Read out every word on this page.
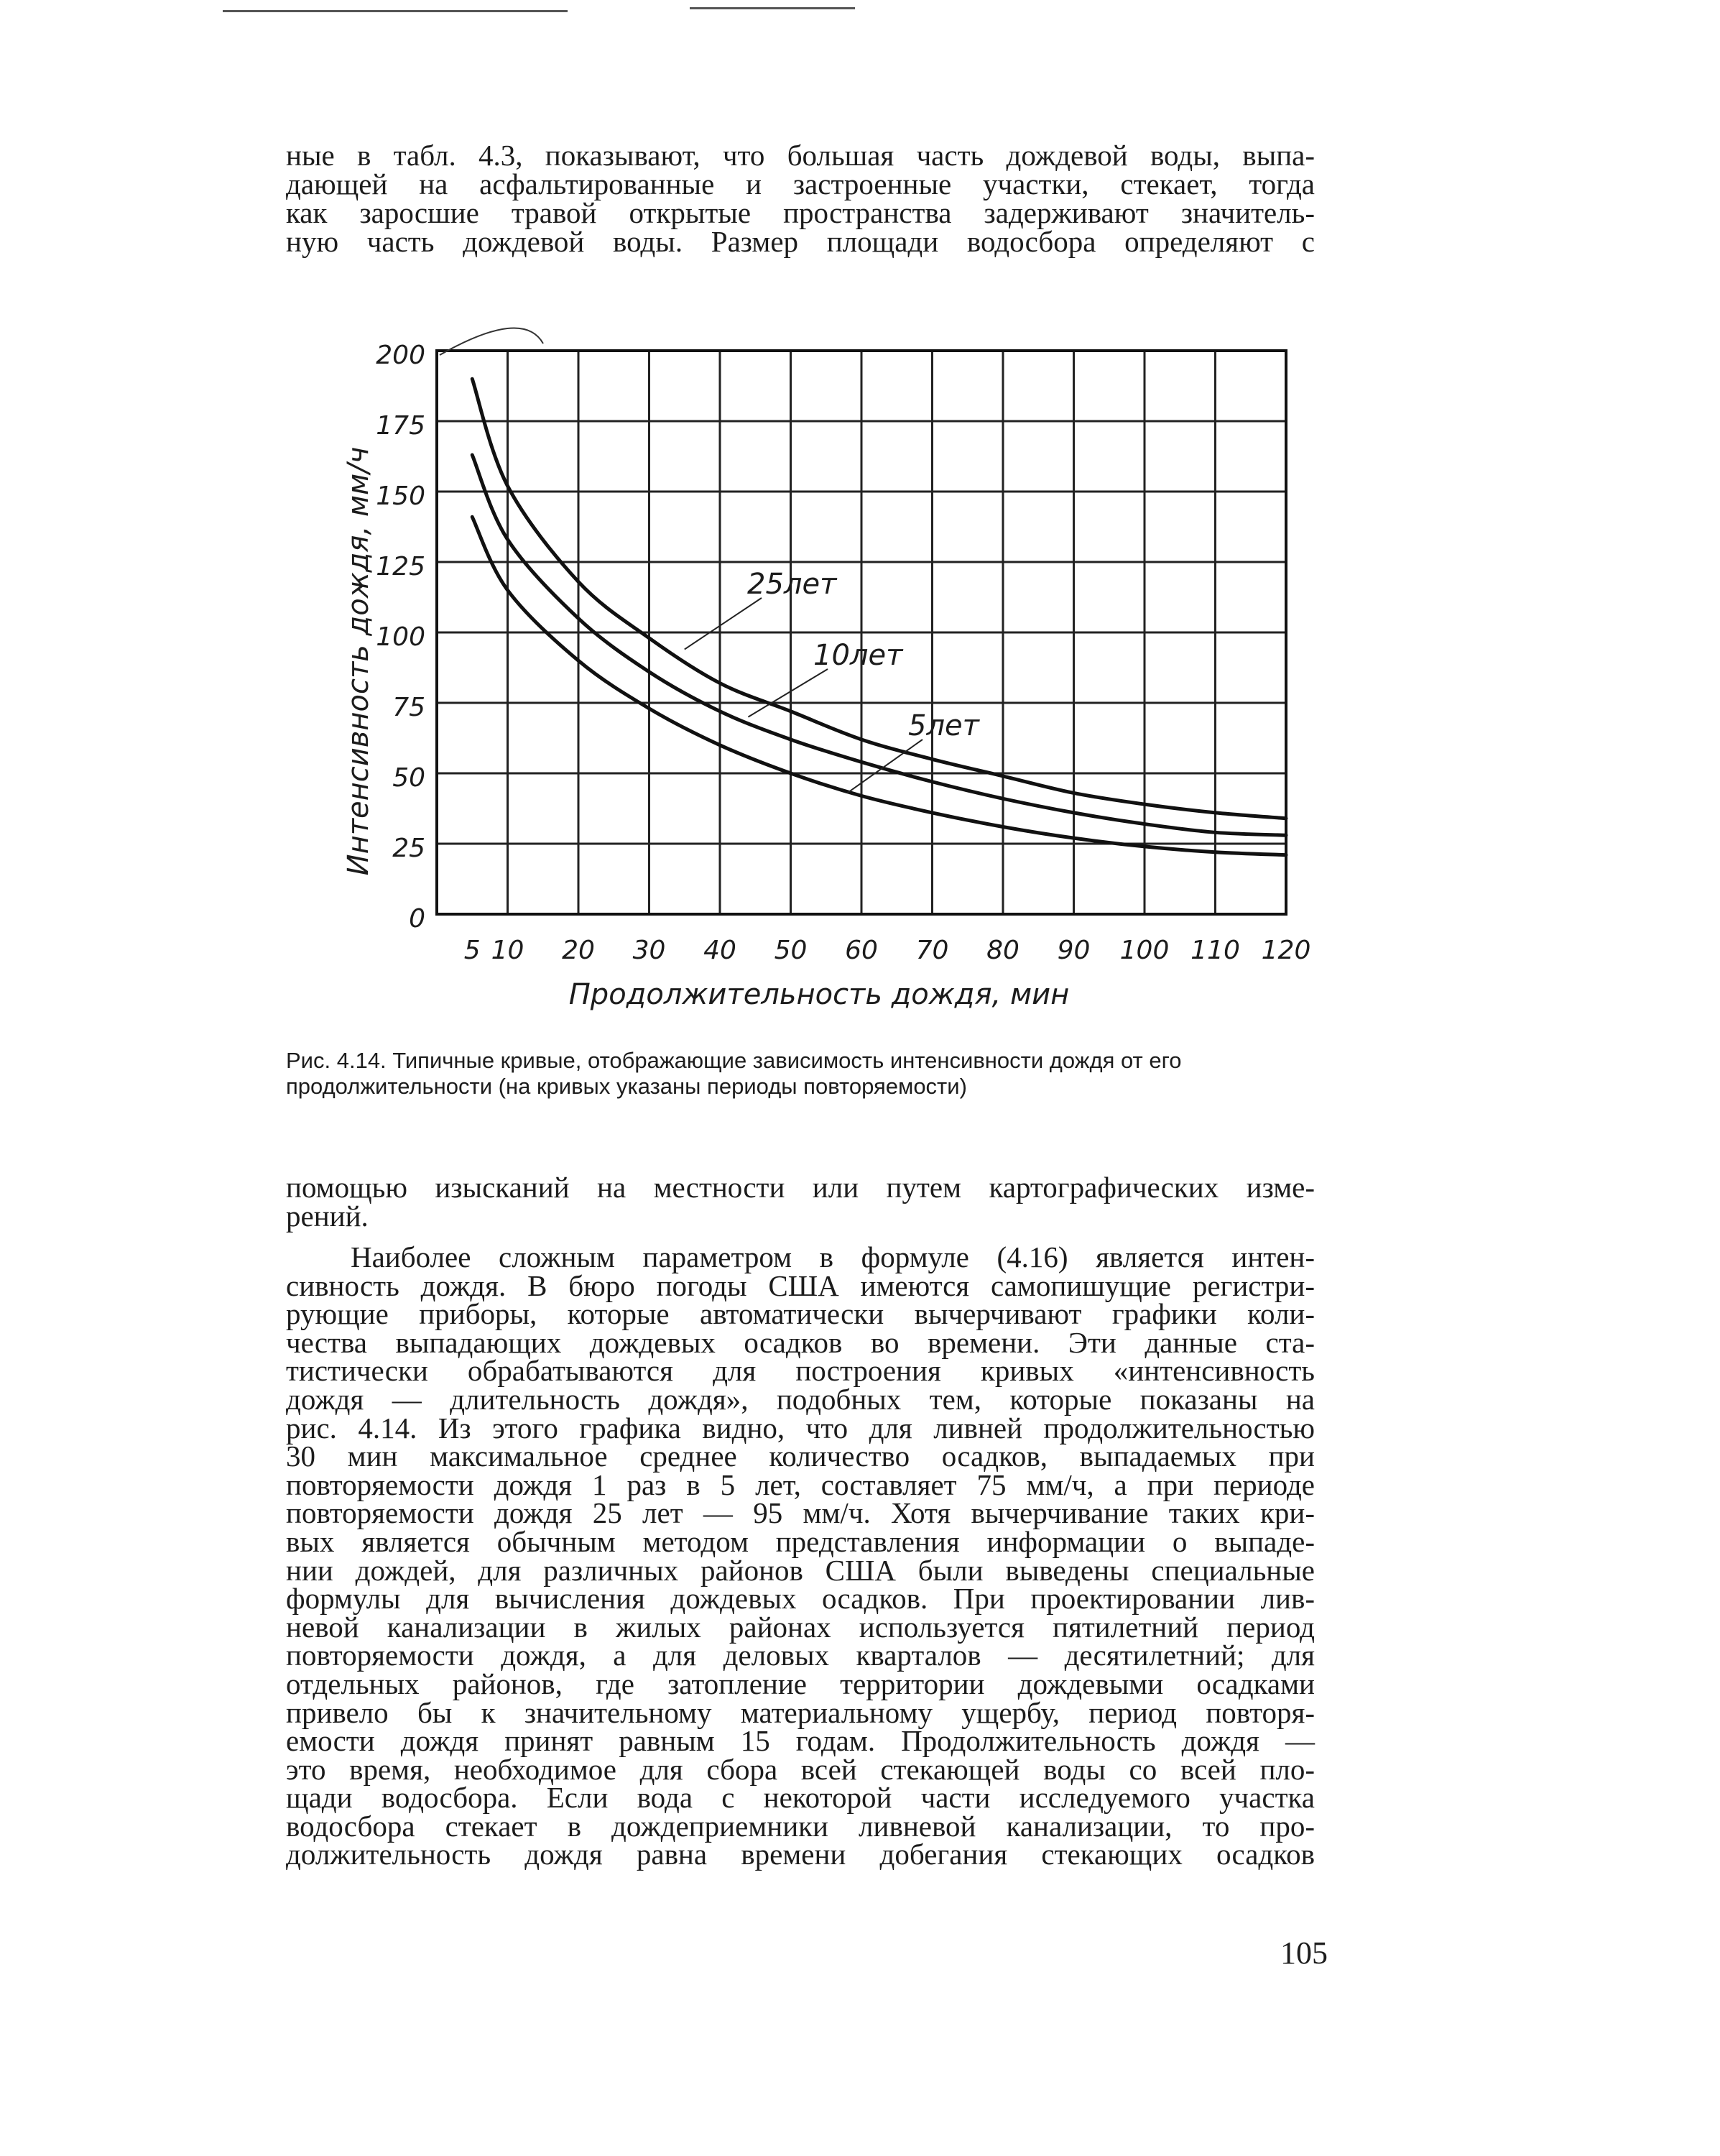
ные в табл. 4.3, показывают, что большая часть дождевой воды, выпа-
дающей на асфальтированные и застроенные участки, стекает, тогда
как заросшие травой открытые пространства задерживают значитель-
ную часть дождевой воды. Размер площади водосбора определяют с
5 10 20 30 40 50 60 70 80 90 100 110 120
0
25
50
75
100
125
150
175
200
25лет
10лет
5лет
Интенсивность дождя, мм/ч
Продолжительность дождя, мин
Рис. 4.14. Типичные кривые, отображающие зависимость интенсивности дождя от его
продолжительности (на кривых указаны периоды повторяемости)
помощью изысканий на местности или путем картографических изме-
рений.
Наиболее сложным параметром в формуле (4.16) является интен-
сивность дождя. В бюро погоды США имеются самопишущие регистри-
рующие приборы, которые автоматически вычерчивают графики коли-
чества выпадающих дождевых осадков во времени. Эти данные ста-
тистически обрабатываются для построения кривых «интенсивность
дождя — длительность дождя», подобных тем, которые показаны на
рис. 4.14. Из этого графика видно, что для ливней продолжительностью
30 мин максимальное среднее количество осадков, выпадаемых при
повторяемости дождя 1 раз в 5 лет, составляет 75 мм/ч, а при периоде
повторяемости дождя 25 лет — 95 мм/ч. Хотя вычерчивание таких кри-
вых является обычным методом представления информации о выпаде-
нии дождей, для различных районов США были выведены специальные
формулы для вычисления дождевых осадков. При проектировании лив-
невой канализации в жилых районах используется пятилетний период
повторяемости дождя, а для деловых кварталов — десятилетний; для
отдельных районов, где затопление территории дождевыми осадками
привело бы к значительному материальному ущербу, период повторя-
емости дождя принят равным 15 годам. Продолжительность дождя —
это время, необходимое для сбора всей стекающей воды со всей пло-
щади водосбора. Если вода с некоторой части исследуемого участка
водосбора стекает в дождеприемники ливневой канализации, то про-
должительность дождя равна времени добегания стекающих осадков
105
